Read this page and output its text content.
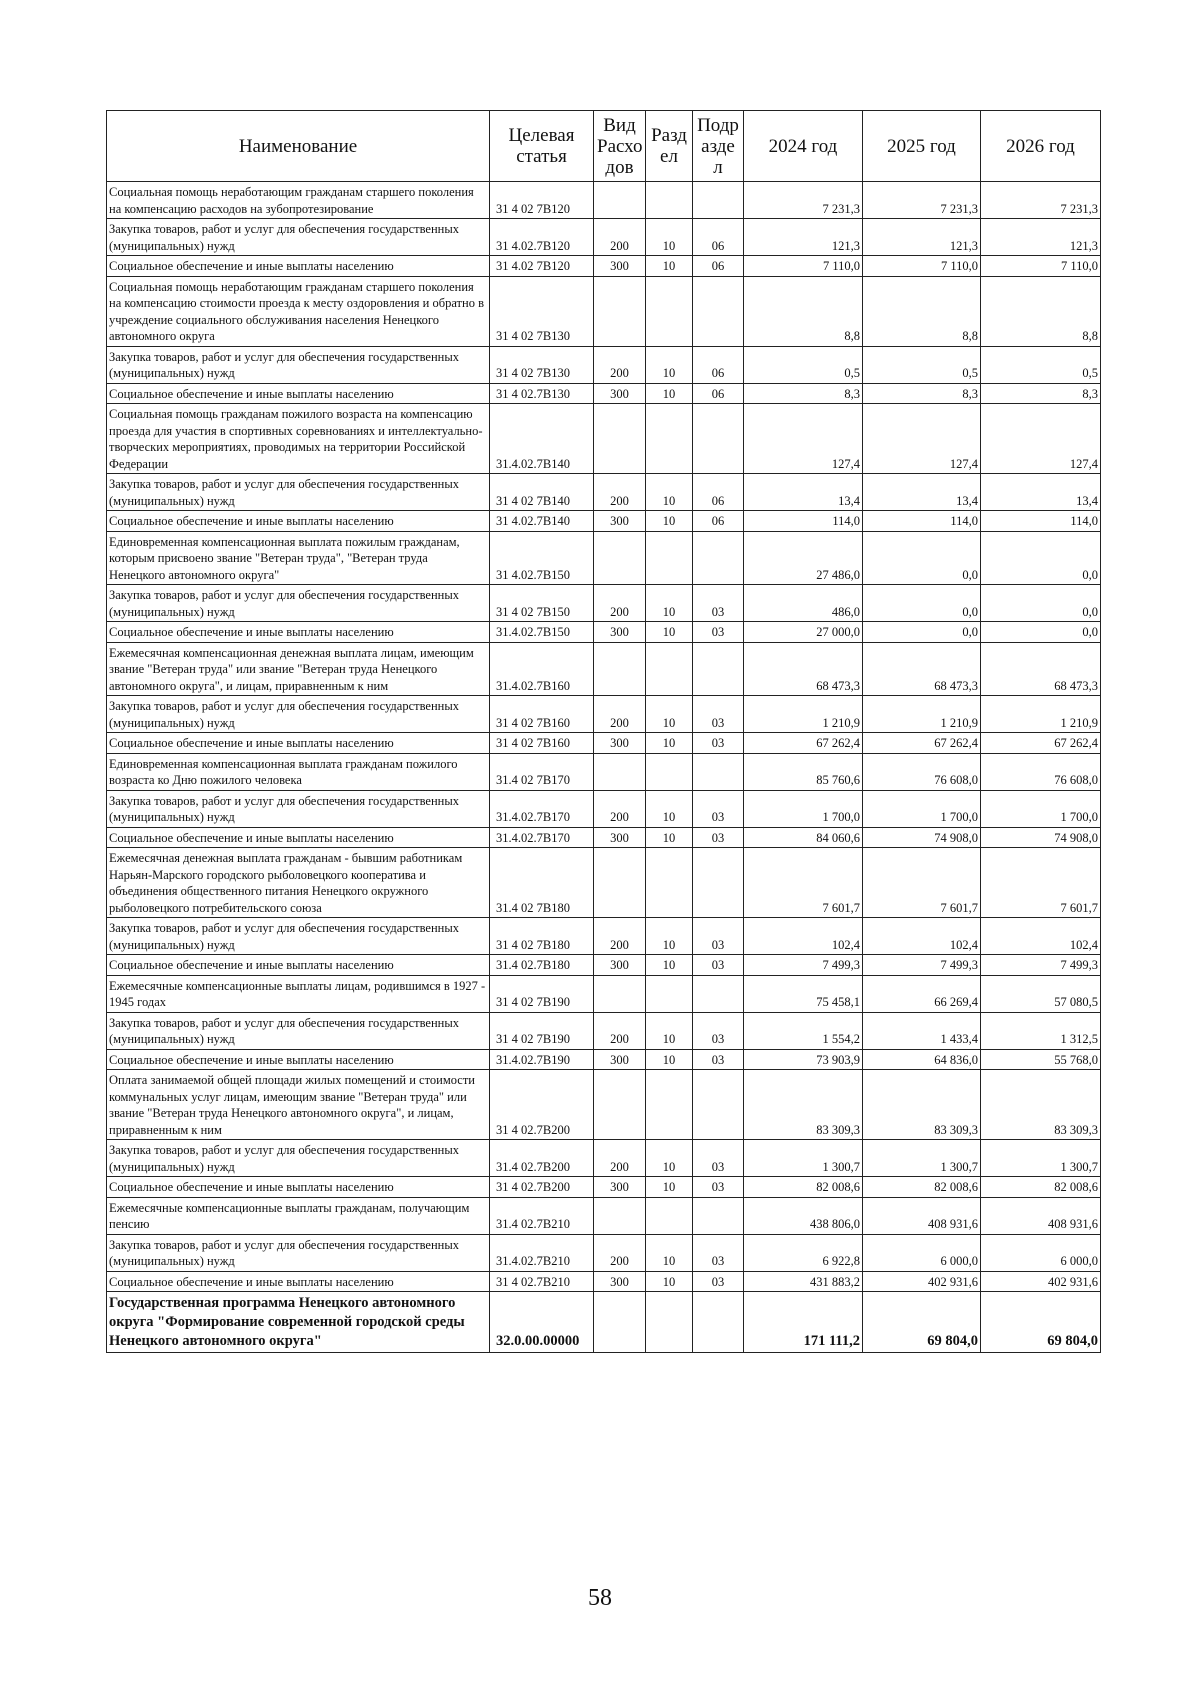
Наименование	Целевая статья	Вид Расхо дов	Разд ел	Подр азде л	2024 год	2025 год	2026 год
Социальная помощь неработающим гражданам старшего поколения на компенсацию расходов на зубопротезирование	31 4 02 7В120				7 231,3	7 231,3	7 231,3
Закупка товаров, работ и услуг для обеспечения государственных (муниципальных) нужд	31 4.02.7В120	200	10	06	121,3	121,3	121,3
Социальное обеспечение и иные выплаты населению	31 4.02 7В120	300	10	06	7 110,0	7 110,0	7 110,0
Социальная помощь неработающим гражданам старшего поколения на компенсацию стоимости проезда к месту оздоровления и обратно в учреждение социального обслуживания населения Ненецкого автономного округа	31 4 02 7В130				8,8	8,8	8,8
Закупка товаров, работ и услуг для обеспечения государственных (муниципальных) нужд	31 4 02 7В130	200	10	06	0,5	0,5	0,5
Социальное обеспечение и иные выплаты населению	31 4 02.7В130	300	10	06	8,3	8,3	8,3
Социальная помощь гражданам пожилого возраста на компенсацию проезда для участия в спортивных соревнованиях и интеллектуально-творческих мероприятиях, проводимых на территории Российской Федерации	31.4.02.7В140				127,4	127,4	127,4
Закупка товаров, работ и услуг для обеспечения государственных (муниципальных) нужд	31 4 02 7В140	200	10	06	13,4	13,4	13,4
Социальное обеспечение и иные выплаты населению	31 4.02.7В140	300	10	06	114,0	114,0	114,0
Единовременная компенсационная выплата пожилым гражданам, которым присвоено звание "Ветеран труда", "Ветеран труда Ненецкого автономного округа"	31 4.02.7В150				27 486,0	0,0	0,0
Закупка товаров, работ и услуг для обеспечения государственных (муниципальных) нужд	31 4 02 7В150	200	10	03	486,0	0,0	0,0
Социальное обеспечение и иные выплаты населению	31.4.02.7В150	300	10	03	27 000,0	0,0	0,0
Ежемесячная компенсационная денежная выплата лицам, имеющим звание "Ветеран труда" или звание "Ветеран труда Ненецкого автономного округа", и лицам, приравненным к ним	31.4.02.7В160				68 473,3	68 473,3	68 473,3
Закупка товаров, работ и услуг для обеспечения государственных (муниципальных) нужд	31 4 02 7В160	200	10	03	1 210,9	1 210,9	1 210,9
Социальное обеспечение и иные выплаты населению	31 4 02 7В160	300	10	03	67 262,4	67 262,4	67 262,4
Единовременная компенсационная выплата гражданам пожилого возраста ко Дню пожилого человека	31.4 02 7В170				85 760,6	76 608,0	76 608,0
Закупка товаров, работ и услуг для обеспечения государственных (муниципальных) нужд	31.4.02.7В170	200	10	03	1 700,0	1 700,0	1 700,0
Социальное обеспечение и иные выплаты населению	31.4.02.7В170	300	10	03	84 060,6	74 908,0	74 908,0
Ежемесячная денежная выплата гражданам - бывшим работникам Нарьян-Марского городского рыболовецкого кооператива и объединения общественного питания Ненецкого окружного рыболовецкого потребительского союза	31.4 02 7В180				7 601,7	7 601,7	7 601,7
Закупка товаров, работ и услуг для обеспечения государственных (муниципальных) нужд	31 4 02 7В180	200	10	03	102,4	102,4	102,4
Социальное обеспечение и иные выплаты населению	31.4 02.7В180	300	10	03	7 499,3	7 499,3	7 499,3
Ежемесячные компенсационные выплаты лицам, родившимся в 1927 - 1945 годах	31 4 02 7В190				75 458,1	66 269,4	57 080,5
Закупка товаров, работ и услуг для обеспечения государственных (муниципальных) нужд	31 4 02 7В190	200	10	03	1 554,2	1 433,4	1 312,5
Социальное обеспечение и иные выплаты населению	31.4.02.7В190	300	10	03	73 903,9	64 836,0	55 768,0
Оплата занимаемой общей площади жилых помещений и стоимости коммунальных услуг лицам, имеющим звание "Ветеран труда" или звание "Ветеран труда Ненецкого автономного округа", и лицам, приравненным к ним	31 4 02.7В200				83 309,3	83 309,3	83 309,3
Закупка товаров, работ и услуг для обеспечения государственных (муниципальных) нужд	31.4 02.7В200	200	10	03	1 300,7	1 300,7	1 300,7
Социальное обеспечение и иные выплаты населению	31 4 02.7В200	300	10	03	82 008,6	82 008,6	82 008,6
Ежемесячные компенсационные выплаты гражданам, получающим пенсию	31.4 02.7В210				438 806,0	408 931,6	408 931,6
Закупка товаров, работ и услуг для обеспечения государственных (муниципальных) нужд	31.4.02.7В210	200	10	03	6 922,8	6 000,0	6 000,0
Социальное обеспечение и иные выплаты населению	31 4 02.7В210	300	10	03	431 883,2	402 931,6	402 931,6
Государственная программа Ненецкого автономного округа "Формирование современной городской среды Ненецкого автономного округа"	32.0.00.00000				171 111,2	69 804,0	69 804,0
58
